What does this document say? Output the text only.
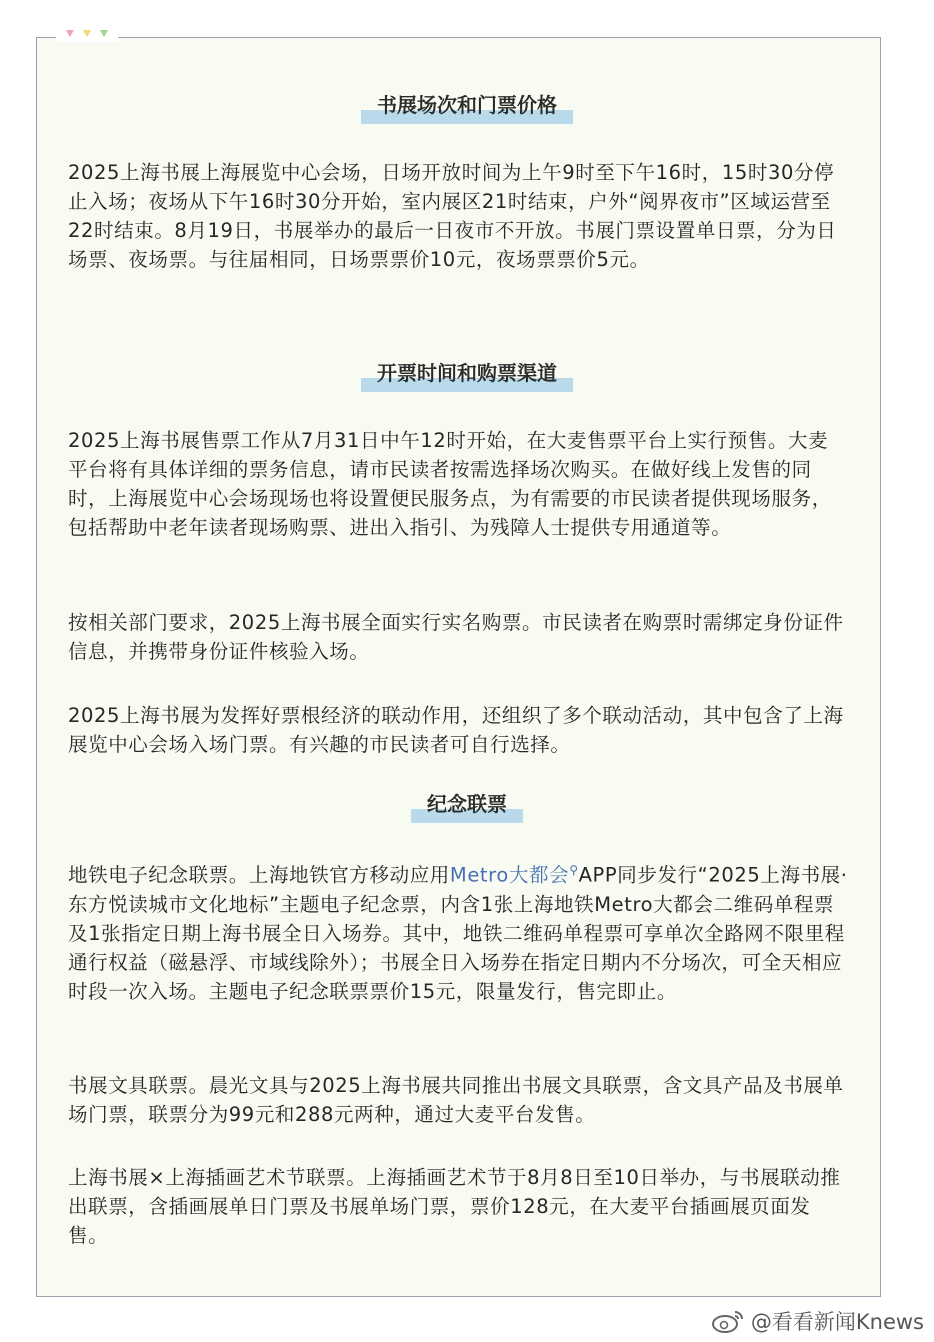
书展场次和门票价格

2025上海书展上海展览中心会场，日场开放时间为上午9时至下午16时，15时30分停止入场；夜场从下午16时30分开始，室内展区21时结束，户外“阅界夜市”区域运营至22时结束。8月19日，书展举办的最后一日夜市不开放。书展门票设置单日票，分为日场票、夜场票。与往届相同，日场票票价10元，夜场票票价5元。

开票时间和购票渠道

2025上海书展售票工作从7月31日中午12时开始，在大麦售票平台上实行预售。大麦平台将有具体详细的票务信息，请市民读者按需选择场次购买。在做好线上发售的同时，上海展览中心会场现场也将设置便民服务点，为有需要的市民读者提供现场服务，包括帮助中老年读者现场购票、进出入指引、为残障人士提供专用通道等。

按相关部门要求，2025上海书展全面实行实名购票。市民读者在购票时需绑定身份证件信息，并携带身份证件核验入场。

2025上海书展为发挥好票根经济的联动作用，还组织了多个联动活动，其中包含了上海展览中心会场入场门票。有兴趣的市民读者可自行选择。

纪念联票

地铁电子纪念联票。上海地铁官方移动应用Metro大都会⚲APP同步发行“2025上海书展·东方悦读城市文化地标”主题电子纪念票，内含1张上海地铁Metro大都会二维码单程票及1张指定日期上海书展全日入场券。其中，地铁二维码单程票可享单次全路网不限里程通行权益（磁悬浮、市域线除外）；书展全日入场券在指定日期内不分场次，可全天相应时段一次入场。主题电子纪念联票票价15元，限量发行，售完即止。

书展文具联票。晨光文具与2025上海书展共同推出书展文具联票，含文具产品及书展单场门票，联票分为99元和288元两种，通过大麦平台发售。

上海书展×上海插画艺术节联票。上海插画艺术节于8月8日至10日举办，与书展联动推出联票，含插画展单日门票及书展单场门票，票价128元，在大麦平台插画展页面发售。

@看看新闻Knews
